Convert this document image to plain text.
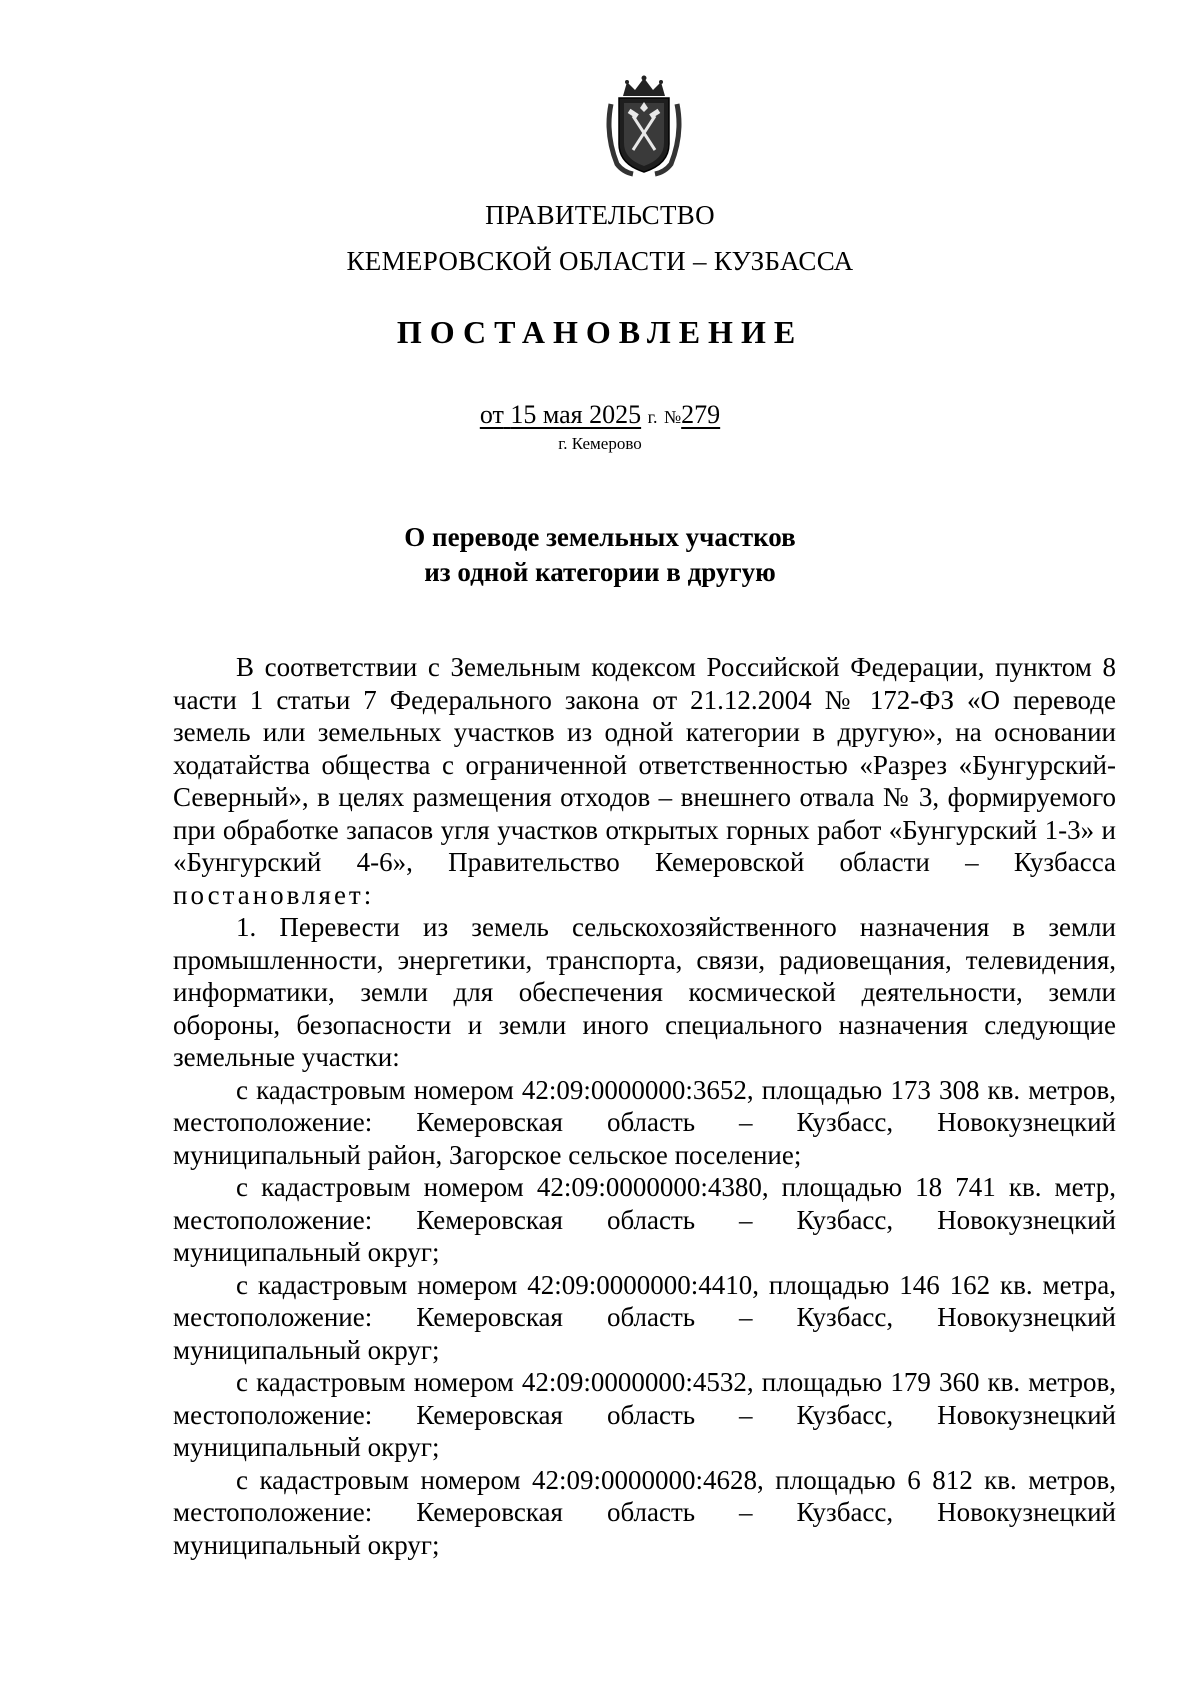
ПРАВИТЕЛЬСТВО
КЕМЕРОВСКОЙ ОБЛАСТИ – КУЗБАССА
ПОСТАНОВЛЕНИЕ
от 15 мая 2025 г. №279
г. Кемерово
О переводе земельных участков
из одной категории в другую

В соответствии с Земельным кодексом Российской Федерации, пунктом 8 части 1 статьи 7 Федерального закона от 21.12.2004 № 172-ФЗ «О переводе земель или земельных участков из одной категории в другую», на основании ходатайства общества с ограниченной ответственностью «Разрез «Бунгурский-Северный», в целях размещения отходов – внешнего отвала № 3, формируемого при обработке запасов угля участков открытых горных работ «Бунгурский 1-3» и «Бунгурский 4-6», Правительство Кемеровской области – Кузбасса постановляет:

1. Перевести из земель сельскохозяйственного назначения в земли промышленности, энергетики, транспорта, связи, радиовещания, телевидения, информатики, земли для обеспечения космической деятельности, земли обороны, безопасности и земли иного специального назначения следующие земельные участки:

с кадастровым номером 42:09:0000000:3652, площадью 173 308 кв. метров, местоположение: Кемеровская область – Кузбасс, Новокузнецкий муниципальный район, Загорское сельское поселение;

с кадастровым номером 42:09:0000000:4380, площадью 18 741 кв. метр, местоположение: Кемеровская область – Кузбасс, Новокузнецкий муниципальный округ;

с кадастровым номером 42:09:0000000:4410, площадью 146 162 кв. метра, местоположение: Кемеровская область – Кузбасс, Новокузнецкий муниципальный округ;

с кадастровым номером 42:09:0000000:4532, площадью 179 360 кв. метров, местоположение: Кемеровская область – Кузбасс, Новокузнецкий муниципальный округ;

с кадастровым номером 42:09:0000000:4628, площадью 6 812 кв. метров, местоположение: Кемеровская область – Кузбасс, Новокузнецкий муниципальный округ;
